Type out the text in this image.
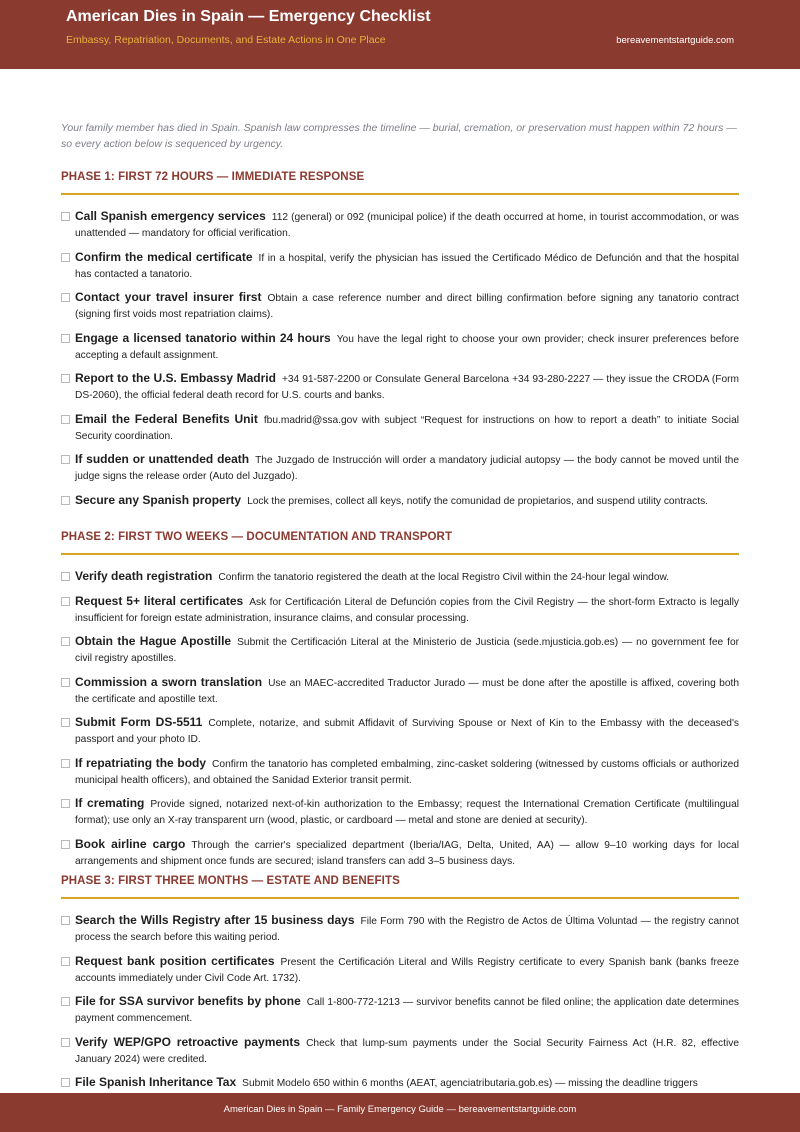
American Dies in Spain — Emergency Checklist
Embassy, Repatriation, Documents, and Estate Actions in One Place	bereavementstartguide.com

Your family member has died in Spain. Spanish law compresses the timeline — burial, cremation, or preservation must happen within 72 hours — so every action below is sequenced by urgency.

PHASE 1: FIRST 72 HOURS — IMMEDIATE RESPONSE
Call Spanish emergency services 112 (general) or 092 (municipal police) if the death occurred at home, in tourist accommodation, or was unattended — mandatory for official verification.
Confirm the medical certificate If in a hospital, verify the physician has issued the Certificado Médico de Defunción and that the hospital has contacted a tanatorio.
Contact your travel insurer first Obtain a case reference number and direct billing confirmation before signing any tanatorio contract (signing first voids most repatriation claims).
Engage a licensed tanatorio within 24 hours You have the legal right to choose your own provider; check insurer preferences before accepting a default assignment.
Report to the U.S. Embassy Madrid +34 91-587-2200 or Consulate General Barcelona +34 93-280-2227 — they issue the CRODA (Form DS-2060), the official federal death record for U.S. courts and banks.
Email the Federal Benefits Unit fbu.madrid@ssa.gov with subject “Request for instructions on how to report a death” to initiate Social Security coordination.
If sudden or unattended death The Juzgado de Instrucción will order a mandatory judicial autopsy — the body cannot be moved until the judge signs the release order (Auto del Juzgado).
Secure any Spanish property Lock the premises, collect all keys, notify the comunidad de propietarios, and suspend utility contracts.
PHASE 2: FIRST TWO WEEKS — DOCUMENTATION AND TRANSPORT
Verify death registration Confirm the tanatorio registered the death at the local Registro Civil within the 24-hour legal window.
Request 5+ literal certificates Ask for Certificación Literal de Defunción copies from the Civil Registry — the short-form Extracto is legally insufficient for foreign estate administration, insurance claims, and consular processing.
Obtain the Hague Apostille Submit the Certificación Literal at the Ministerio de Justicia (sede.mjusticia.gob.es) — no government fee for civil registry apostilles.
Commission a sworn translation Use an MAEC-accredited Traductor Jurado — must be done after the apostille is affixed, covering both the certificate and apostille text.
Submit Form DS-5511 Complete, notarize, and submit Affidavit of Surviving Spouse or Next of Kin to the Embassy with the deceased's passport and your photo ID.
If repatriating the body Confirm the tanatorio has completed embalming, zinc-casket soldering (witnessed by customs officials or authorized municipal health officers), and obtained the Sanidad Exterior transit permit.
If cremating Provide signed, notarized next-of-kin authorization to the Embassy; request the International Cremation Certificate (multilingual format); use only an X-ray transparent urn (wood, plastic, or cardboard — metal and stone are denied at security).
Book airline cargo Through the carrier's specialized department (Iberia/IAG, Delta, United, AA) — allow 9–10 working days for local arrangements and shipment once funds are secured; island transfers can add 3–5 business days.
PHASE 3: FIRST THREE MONTHS — ESTATE AND BENEFITS
Search the Wills Registry after 15 business days File Form 790 with the Registro de Actos de Última Voluntad — the registry cannot process the search before this waiting period.
Request bank position certificates Present the Certificación Literal and Wills Registry certificate to every Spanish bank (banks freeze accounts immediately under Civil Code Art. 1732).
File for SSA survivor benefits by phone Call 1-800-772-1213 — survivor benefits cannot be filed online; the application date determines payment commencement.
Verify WEP/GPO retroactive payments Check that lump-sum payments under the Social Security Fairness Act (H.R. 82, effective January 2024) were credited.
File Spanish Inheritance Tax Submit Modelo 650 within 6 months (AEAT, agenciatributaria.gob.es) — missing the deadline triggers
American Dies in Spain — Family Emergency Guide — bereavementstartguide.com
